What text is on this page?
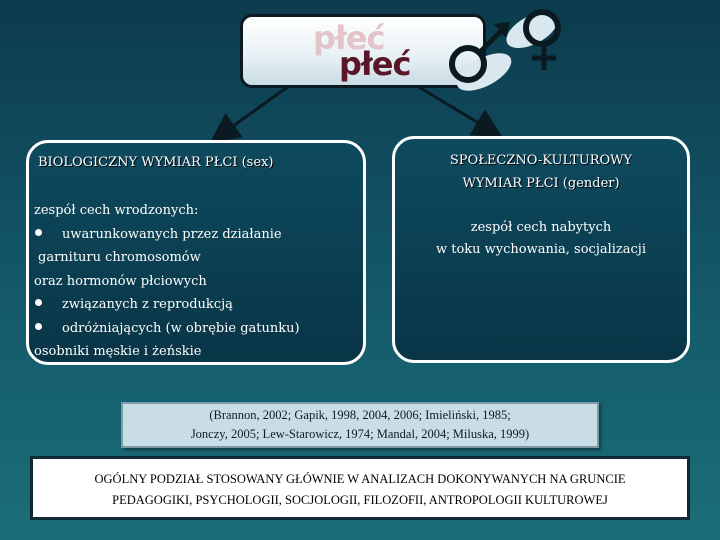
płeć
płeć
BIOLOGICZNY WYMIAR PŁCI (sex)
zespół cech wrodzonych:
uwarunkowanych przez działanie
garnituru chromosomów
oraz hormonów płciowych
związanych z reprodukcją
odróżniających (w obrębie gatunku)
osobniki męskie i żeńskie
SPOŁECZNO-KULTUROWY
WYMIAR PŁCI (gender)
zespół cech nabytych
w toku wychowania, socjalizacji
(Brannon, 2002; Gapik, 1998, 2004, 2006; Imieliński, 1985;
Jonczy, 2005; Lew-Starowicz, 1974; Mandal, 2004; Miluska, 1999)
OGÓLNY PODZIAŁ STOSOWANY GŁÓWNIE W ANALIZACH DOKONYWANYCH NA GRUNCIE
PEDAGOGIKI, PSYCHOLOGII, SOCJOLOGII, FILOZOFII, ANTROPOLOGII KULTUROWEJ
